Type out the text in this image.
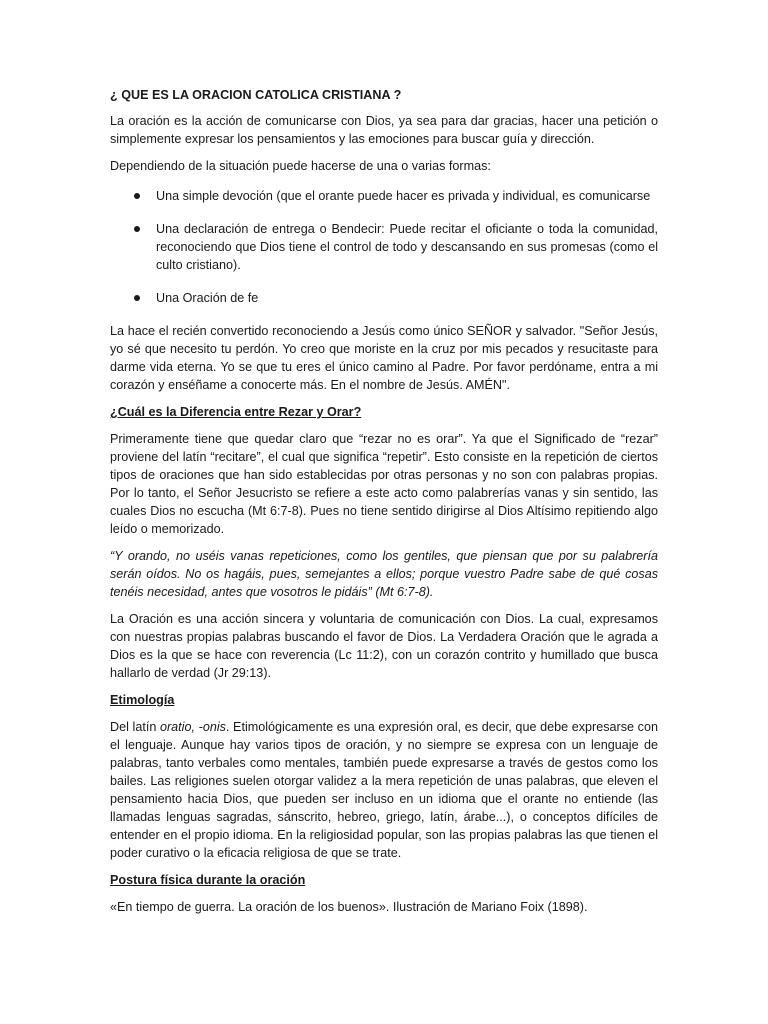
¿ QUE ES LA ORACION CATOLICA CRISTIANA ?

La oración es la acción de comunicarse con Dios, ya sea para dar gracias, hacer una petición o simplemente expresar los pensamientos y las emociones para buscar guía y dirección.

Dependiendo de la situación puede hacerse de una o varias formas:

Una simple devoción (que el orante puede hacer es privada y individual, es comunicarse
Una declaración de entrega o Bendecir: Puede recitar el oficiante o toda la comunidad, reconociendo que Dios tiene el control de todo y descansando en sus promesas (como el culto cristiano).
Una Oración de fe

La hace el recién convertido reconociendo a Jesús como único SEÑOR y salvador. "Señor Jesús, yo sé que necesito tu perdón. Yo creo que moriste en la cruz por mis pecados y resucitaste para darme vida eterna. Yo se que tu eres el único camino al Padre. Por favor perdóname, entra a mi corazón y enséñame a conocerte más. En el nombre de Jesús. AMÉN".

¿Cuál es la Diferencia entre Rezar y Orar?

Primeramente tiene que quedar claro que “rezar no es orar”. Ya que el Significado de “rezar” proviene del latín “recitare”, el cual que significa “repetir”. Esto consiste en la repetición de ciertos tipos de oraciones que han sido establecidas por otras personas y no son con palabras propias. Por lo tanto, el Señor Jesucristo se refiere a este acto como palabrerías vanas y sin sentido, las cuales Dios no escucha (Mt 6:7-8). Pues no tiene sentido dirigirse al Dios Altísimo repitiendo algo leído o memorizado.

“Y orando, no uséis vanas repeticiones, como los gentiles, que piensan que por su palabrería serán oídos. No os hagáis, pues, semejantes a ellos; porque vuestro Padre sabe de qué cosas tenéis necesidad, antes que vosotros le pidáis” (Mt 6:7-8).

La Oración es una acción sincera y voluntaria de comunicación con Dios. La cual, expresamos con nuestras propias palabras buscando el favor de Dios. La Verdadera Oración que le agrada a Dios es la que se hace con reverencia (Lc 11:2), con un corazón contrito y humillado que busca hallarlo de verdad (Jr 29:13).

Etimología

Del latín oratio, -onis. Etimológicamente es una expresión oral, es decir, que debe expresarse con el lenguaje. Aunque hay varios tipos de oración, y no siempre se expresa con un lenguaje de palabras, tanto verbales como mentales, también puede expresarse a través de gestos como los bailes. Las religiones suelen otorgar validez a la mera repetición de unas palabras, que eleven el pensamiento hacia Dios, que pueden ser incluso en un idioma que el orante no entiende (las llamadas lenguas sagradas, sánscrito, hebreo, griego, latín, árabe...), o conceptos difíciles de entender en el propio idioma. En la religiosidad popular, son las propias palabras las que tienen el poder curativo o la eficacia religiosa de que se trate.

Postura física durante la oración

«En tiempo de guerra. La oración de los buenos». Ilustración de Mariano Foix (1898).
